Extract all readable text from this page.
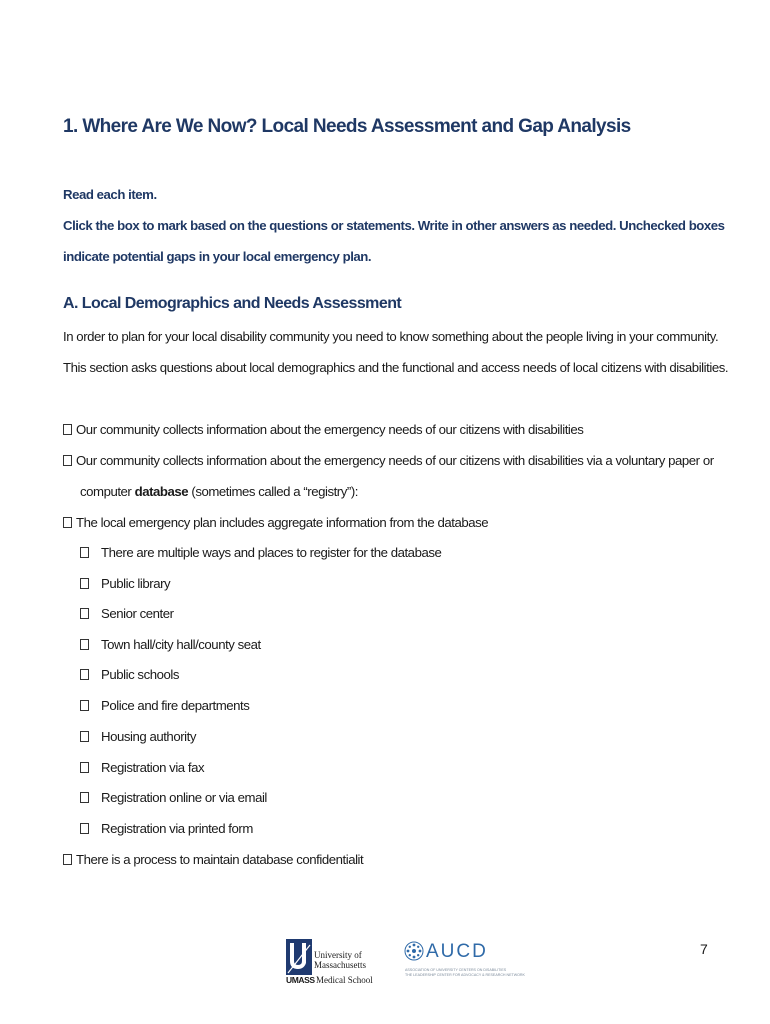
1. Where Are We Now? Local Needs Assessment and Gap Analysis

Read each item.

Click the box to mark based on the questions or statements. Write in other answers as needed. Unchecked boxes

indicate potential gaps in your local emergency plan.

A. Local Demographics and Needs Assessment

In order to plan for your local disability community you need to know something about the people living in your community.

This section asks questions about local demographics and the functional and access needs of local citizens with disabilities.

Our community collects information about the emergency needs of our citizens with disabilities
Our community collects information about the emergency needs of our citizens with disabilities via a voluntary paper or
computer database (sometimes called a “registry”):
The local emergency plan includes aggregate information from the database
There are multiple ways and places to register for the database
Public library
Senior center
Town hall/city hall/county seat
Public schools
Police and fire departments
Housing authority
Registration via fax
Registration online or via email
Registration via printed form
There is a process to maintain database confidentialit
University of
Massachusetts
UMASS Medical School
AUCD
ASSOCIATION OF UNIVERSITY CENTERS ON DISABILITIES
THE LEADERSHIP CENTER FOR ADVOCACY & RESEARCH NETWORK
7
